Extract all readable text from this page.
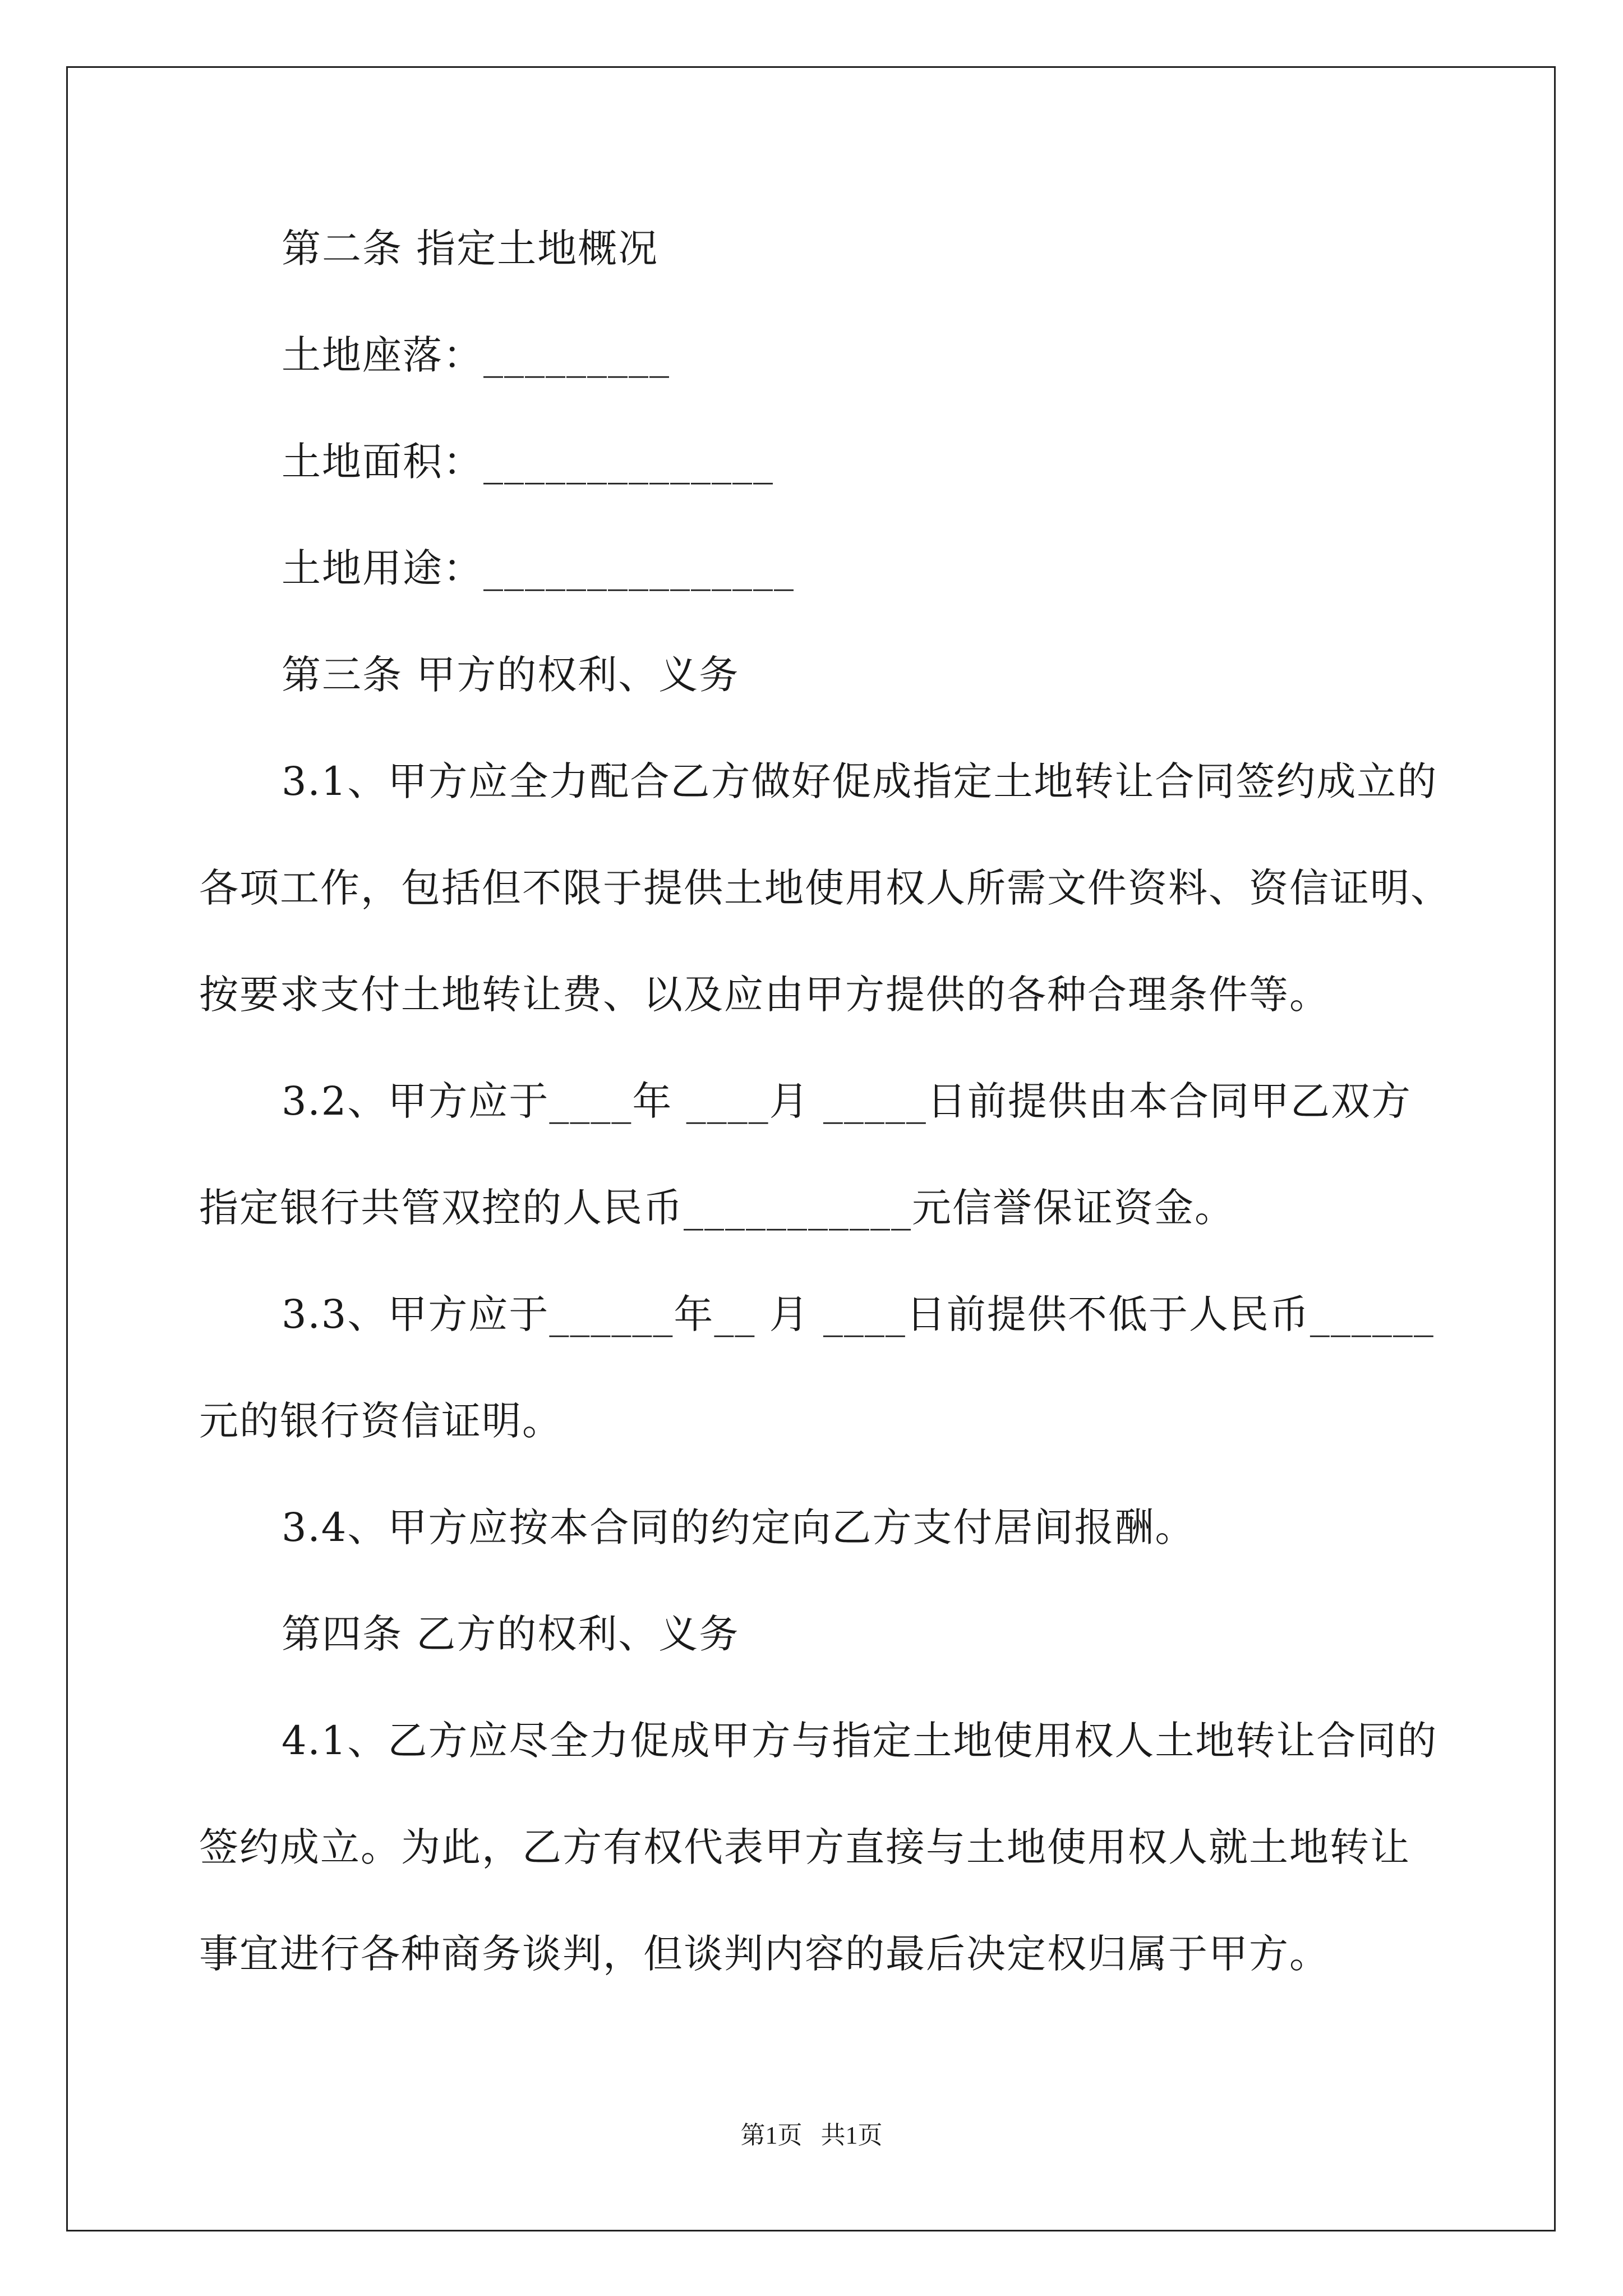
第二条 指定土地概况
土地座落：_________
土地面积：______________
土地用途：_______________
第三条 甲方的权利、义务
3.1、甲方应全力配合乙方做好促成指定土地转让合同签约成立的
各项工作，包括但不限于提供土地使用权人所需文件资料、资信证明、
按要求支付土地转让费、以及应由甲方提供的各种合理条件等。
3.2、甲方应于____年 ____月 _____日前提供由本合同甲乙双方
指定银行共管双控的人民币___________元信誉保证资金。
3.3、甲方应于______年__ 月 ____日前提供不低于人民币______
元的银行资信证明。
3.4、甲方应按本合同的约定向乙方支付居间报酬。
第四条 乙方的权利、义务
4.1、乙方应尽全力促成甲方与指定土地使用权人土地转让合同的
签约成立。为此，乙方有权代表甲方直接与土地使用权人就土地转让
事宜进行各种商务谈判，但谈判内容的最后决定权归属于甲方。
第1页   共1页
